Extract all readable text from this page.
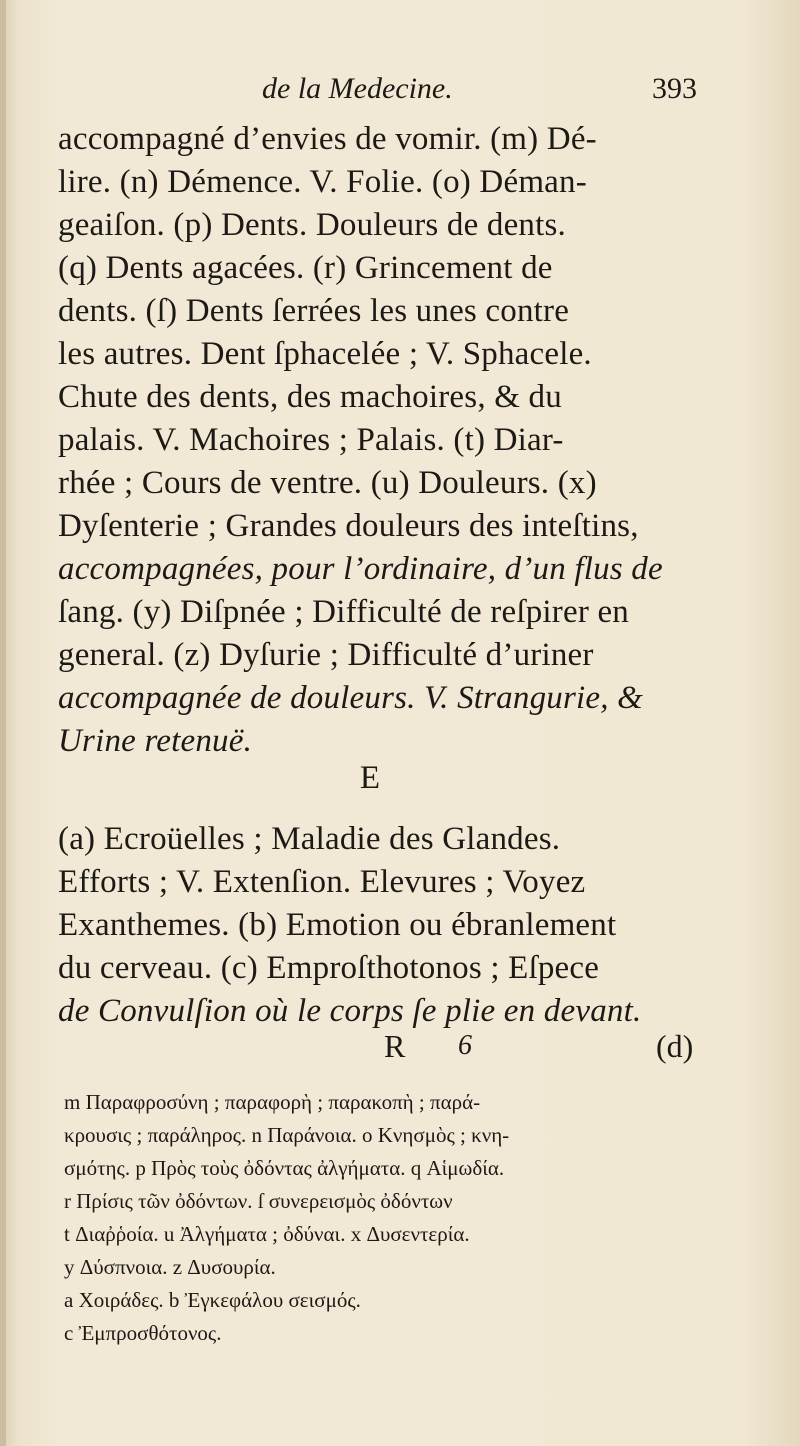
de la Medecine.	393
accompagné d’envies de vomir. (m) Dé-
lire. (n) Démence. V. Folie. (o) Déman-
geaiſon. (p) Dents. Douleurs de dents.
(q) Dents agacées. (r) Grincement de
dents. (ſ) Dents ſerrées les unes contre
les autres. Dent ſphacelée ; V. Sphacele.
Chute des dents, des machoires, & du
palais. V. Machoires ; Palais. (t) Diar-
rhée ; Cours de ventre. (u) Douleurs. (x)
Dyſenterie ; Grandes douleurs des inteſtins,
accompagnées, pour l’ordinaire, d’un flus de
ſang. (y) Diſpnée ; Difficulté de reſpirer en
general. (z) Dyſurie ; Difficulté d’uriner
accompagnée de douleurs. V. Strangurie, &
Urine retenuë.
E
(a) Ecroüelles ; Maladie des Glandes.
Efforts ; V. Extenſion. Elevures ; Voyez
Exanthemes. (b) Emotion ou ébranlement
du cerveau. (c) Emproſthotonos ; Eſpece
de Convulſion où le corps ſe plie en devant.
R 6	(d)
m Παραφροσύνη ; παραφορὴ ; παρακοπὴ ; παρά-
κρουσις ; παράληρος. n Παράνοια. o Κνησμὸς ; κνη-
σμότης. p Πρὸς τοὺς ὀδόντας ἀλγήματα. q Αἱμωδία.
r Πρίσις τῶν ὀδόντων. ſ συνερεισμὸς ὀδόντων
t Διαῤῥοία. u Ἀλγήματα ; ὀδύναι. x Δυσεντερία.
y Δύσπνοια. z Δυσουρία.
a Χοιράδες. b Ἐγκεφάλου σεισμός.
c Ἐμπροσθότονος.
